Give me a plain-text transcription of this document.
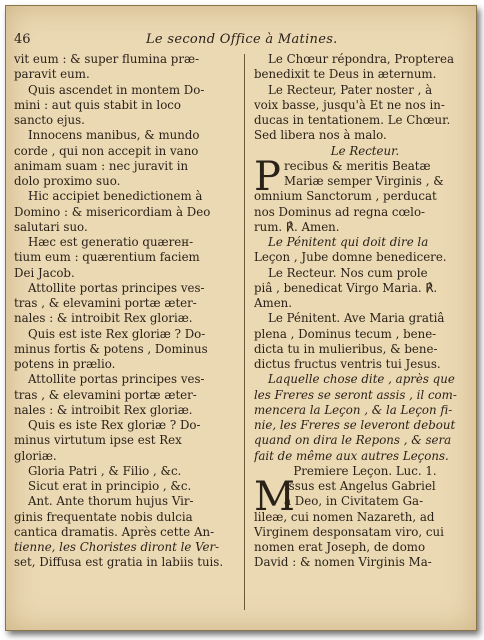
46	Le second Office à Matines.
vit eum : & super flumina præ-
paravit eum.
Quis ascendet in montem Do-
mini : aut quis stabit in loco
sancto ejus.
Innocens manibus, & mundo
corde , qui non accepit in vano
animam suam : nec juravit in
dolo proximo suo.
Hic accipiet benedictionem à
Domino : & misericordiam à Deo
salutari suo.
Hæc est generatio quærен-
tium eum : quærentium faciem
Dei Jacob.
Attollite portas principes ves-
tras , & elevamini portæ æter-
nales : & introibit Rex gloriæ.
Quis est iste Rex gloriæ ? Do-
minus fortis & potens , Dominus
potens in prælio.
Attollite portas principes ves-
tras , & elevamini portæ æter-
nales : & introibit Rex gloriæ.
Quis es iste Rex gloriæ ? Do-
minus virtutum ipse est Rex
gloriæ.
Gloria Patri , & Filio , &c.
Sicut erat in principio , &c.
Ant. Ante thorum hujus Vir-
ginis frequentate nobis dulcia
cantica dramatis. Après cette An-
tienne, les Choristes diront le Ver-
set, Diffusa est gratia in labiis tuis.
Le Chœur répondra, Propterea
benedixit te Deus in æternum.
Le Recteur, Pater noster , à
voix basse, jusqu'à Et ne nos in-
ducas in tentationem. Le Chœur.
Sed libera nos à malo.
Le Recteur.
P recibus & meritis Beatæ
Mariæ semper Virginis , &
omnium Sanctorum , perducat
nos Dominus ad regna cœlo-
rum. ℟. Amen.
Le Pénitent qui doit dire la
Leçon , Jube domne benedicere.
Le Recteur. Nos cum prole
piâ , benedicat Virgo Maria. ℟.
Amen.
Le Pénitent. Ave Maria gratiâ
plena , Dominus tecum , bene-
dicta tu in mulieribus, & bene-
dictus fructus ventris tui Jesus.
Laquelle chose dite , après que
les Freres se seront assis , il com-
mencera la Leçon , & la Leçon fi-
nie, les Freres se leveront debout
quand on dira le Repons , & sera
fait de même aux autres Leçons.
Premiere Leçon. Luc. 1.
M
Issus est Angelus Gabriel
à Deo, in Civitatem Ga-
lileæ, cui nomen Nazareth, ad
Virginem desponsatam viro, cui
nomen erat Joseph, de domo
David : & nomen Virginis Ma-
